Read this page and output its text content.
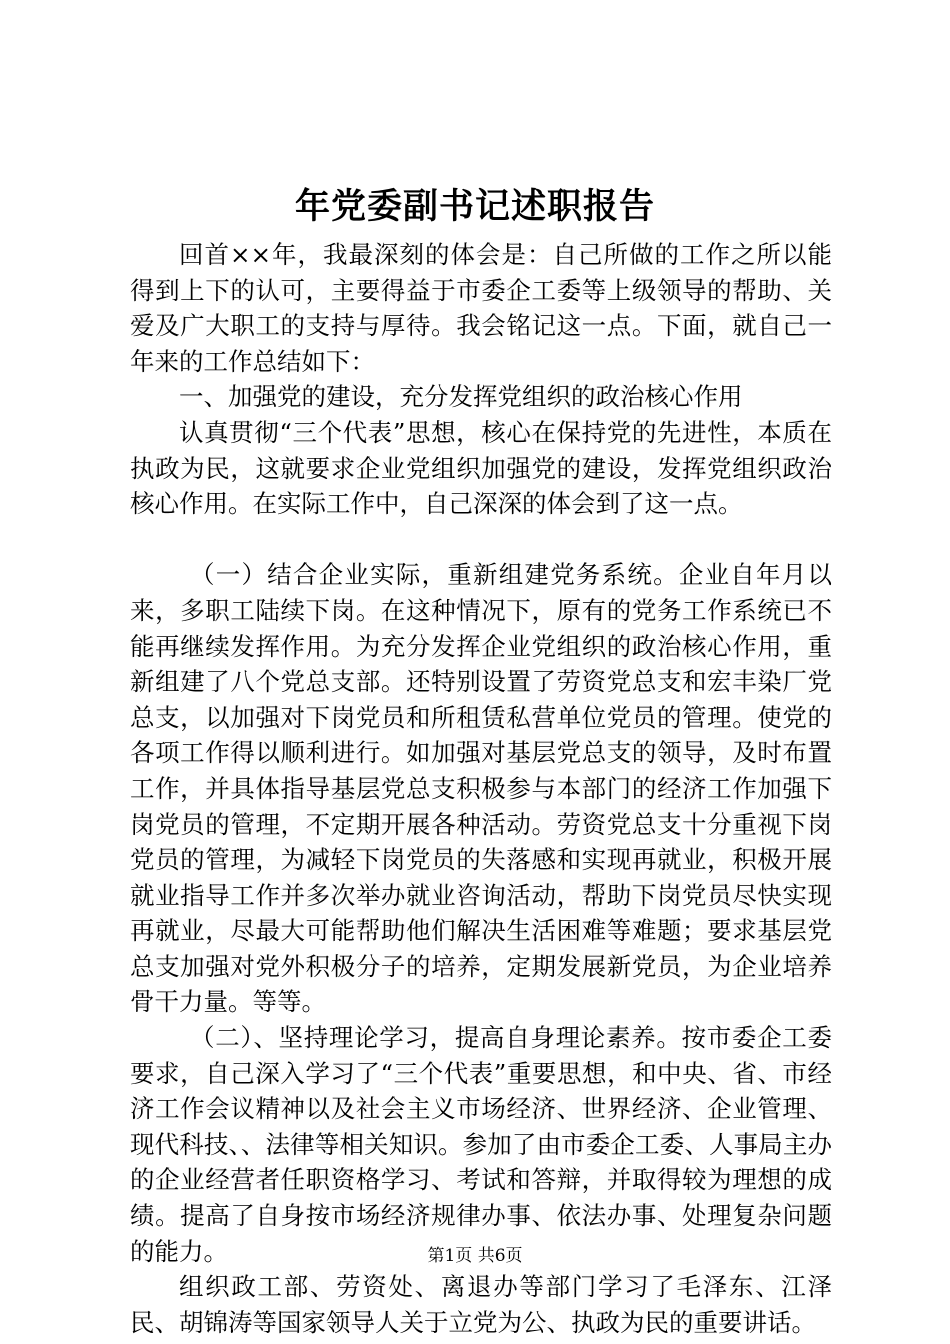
年党委副书记述职报告

回首××年，我最深刻的体会是：自己所做的工作之所以能得到上下的认可，主要得益于市委企工委等上级领导的帮助、关爱及广大职工的支持与厚待。我会铭记这一点。下面，就自己一年来的工作总结如下：

一、加强党的建设，充分发挥党组织的政治核心作用

认真贯彻“三个代表”思想，核心在保持党的先进性，本质在执政为民，这就要求企业党组织加强党的建设，发挥党组织政治核心作用。在实际工作中，自己深深的体会到了这一点。

（一）结合企业实际，重新组建党务系统。企业自年月以来，多职工陆续下岗。在这种情况下，原有的党务工作系统已不能再继续发挥作用。为充分发挥企业党组织的政治核心作用，重新组建了八个党总支部。还特别设置了劳资党总支和宏丰染厂党总支，以加强对下岗党员和所租赁私营单位党员的管理。使党的各项工作得以顺利进行。如加强对基层党总支的领导，及时布置工作，并具体指导基层党总支积极参与本部门的经济工作加强下岗党员的管理，不定期开展各种活动。劳资党总支十分重视下岗党员的管理，为减轻下岗党员的失落感和实现再就业，积极开展就业指导工作并多次举办就业咨询活动，帮助下岗党员尽快实现再就业，尽最大可能帮助他们解决生活困难等难题；要求基层党总支加强对党外积极分子的培养，定期发展新党员，为企业培养骨干力量。等等。

（二）、坚持理论学习，提高自身理论素养。按市委企工委要求，自己深入学习了“三个代表”重要思想，和中央、省、市经济工作会议精神以及社会主义市场经济、世界经济、企业管理、现代科技、、法律等相关知识。参加了由市委企工委、人事局主办的企业经营者任职资格学习、考试和答辩，并取得较为理想的成绩。提高了自身按市场经济规律办事、依法办事、处理复杂问题的能力。

组织政工部、劳资处、离退办等部门学习了毛泽东、江泽民、胡锦涛等国家领导人关于立党为公、执政为民的重要讲话。

第1页 共6页
